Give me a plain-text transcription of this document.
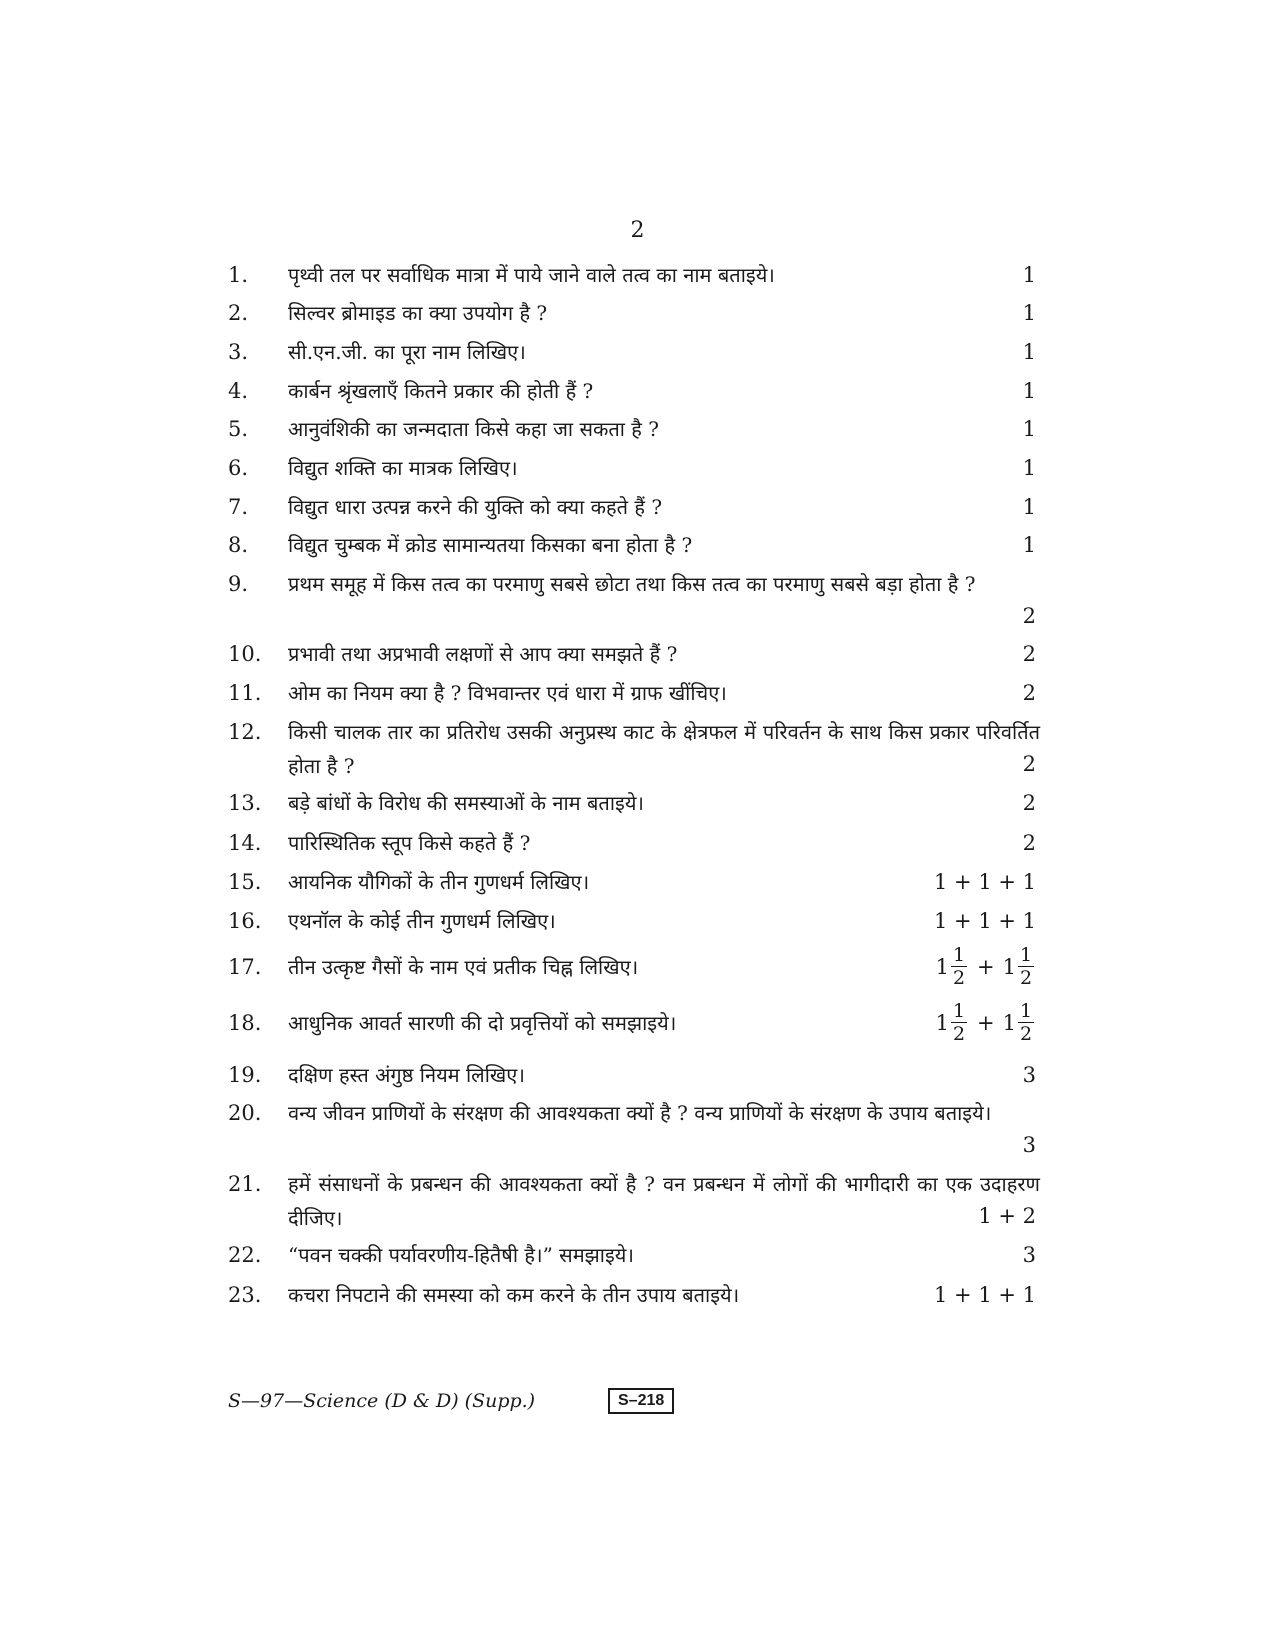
2
1. पृथ्वी तल पर सर्वाधिक मात्रा में पाये जाने वाले तत्व का नाम बताइये।	1
2. सिल्वर ब्रोमाइड का क्या उपयोग है ?	1
3. सी.एन.जी. का पूरा नाम लिखिए।	1
4. कार्बन श्रृंखलाएँ कितने प्रकार की होती हैं ?	1
5. आनुवंशिकी का जन्मदाता किसे कहा जा सकता है ?	1
6. विद्युत शक्ति का मात्रक लिखिए।	1
7. विद्युत धारा उत्पन्न करने की युक्ति को क्या कहते हैं ?	1
8. विद्युत चुम्बक में क्रोड सामान्यतया किसका बना होता है ?	1
9. प्रथम समूह में किस तत्व का परमाणु सबसे छोटा तथा किस तत्व का परमाणु सबसे बड़ा होता है ?
2
10. प्रभावी तथा अप्रभावी लक्षणों से आप क्या समझते हैं ?	2
11. ओम का नियम क्या है ? विभवान्तर एवं धारा में ग्राफ खींचिए।	2
12. किसी चालक तार का प्रतिरोध उसकी अनुप्रस्थ काट के क्षेत्रफल में परिवर्तन के साथ किस प्रकार परिवर्तित होता है ?	2
13. बड़े बांधों के विरोध की समस्याओं के नाम बताइये।	2
14. पारिस्थितिक स्तूप किसे कहते हैं ?	2
15. आयनिक यौगिकों के तीन गुणधर्म लिखिए।	1 + 1 + 1
16. एथनॉल के कोई तीन गुणधर्म लिखिए।	1 + 1 + 1
17. तीन उत्कृष्ट गैसों के नाम एवं प्रतीक चिह्न लिखिए।	$1 \frac{1}{2} + 1 \frac{1}{2}$
18. आधुनिक आवर्त सारणी की दो प्रवृत्तियों को समझाइये।	$1 \frac{1}{2} + 1 \frac{1}{2}$
19. दक्षिण हस्त अंगुष्ठ नियम लिखिए।	3
20. वन्य जीवन प्राणियों के संरक्षण की आवश्यकता क्यों है ? वन्य प्राणियों के संरक्षण के उपाय बताइये।
3
21. हमें संसाधनों के प्रबन्धन की आवश्यकता क्यों है ? वन प्रबन्धन में लोगों की भागीदारी का एक उदाहरण दीजिए।	1 + 2
22. “पवन चक्की पर्यावरणीय-हितैषी है।” समझाइये।	3
23. कचरा निपटाने की समस्या को कम करने के तीन उपाय बताइये।	1 + 1 + 1
S—97—Science (D & D) (Supp.)	S–218
